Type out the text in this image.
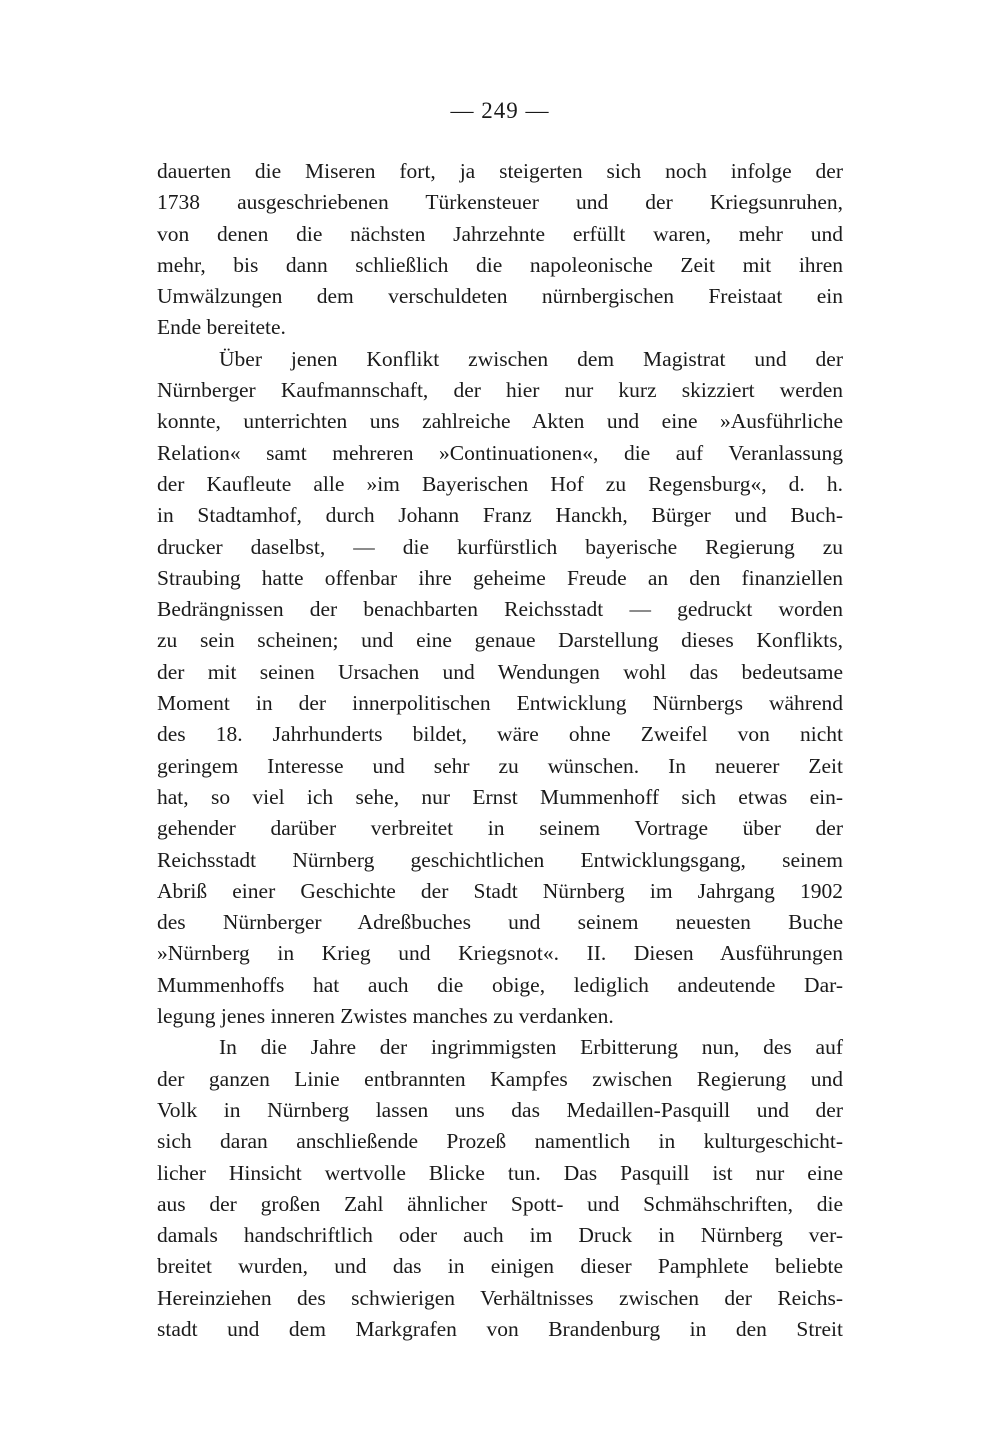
— 249 —
dauerten die Miseren fort, ja steigerten sich noch infolge der
1738 ausgeschriebenen Türkensteuer und der Kriegsunruhen,
von denen die nächsten Jahrzehnte erfüllt waren, mehr und
mehr, bis dann schließlich die napoleonische Zeit mit ihren
Umwälzungen dem verschuldeten nürnbergischen Freistaat ein
Ende bereitete.
Über jenen Konflikt zwischen dem Magistrat und der
Nürnberger Kaufmannschaft, der hier nur kurz skizziert werden
konnte, unterrichten uns zahlreiche Akten und eine »Ausführliche
Relation« samt mehreren »Continuationen«, die auf Veranlassung
der Kaufleute alle »im Bayerischen Hof zu Regensburg«, d. h.
in Stadtamhof, durch Johann Franz Hanckh, Bürger und Buch-
drucker daselbst, — die kurfürstlich bayerische Regierung zu
Straubing hatte offenbar ihre geheime Freude an den finanziellen
Bedrängnissen der benachbarten Reichsstadt — gedruckt worden
zu sein scheinen; und eine genaue Darstellung dieses Konflikts,
der mit seinen Ursachen und Wendungen wohl das bedeutsame
Moment in der innerpolitischen Entwicklung Nürnbergs während
des 18. Jahrhunderts bildet, wäre ohne Zweifel von nicht
geringem Interesse und sehr zu wünschen. In neuerer Zeit
hat, so viel ich sehe, nur Ernst Mummenhoff sich etwas ein-
gehender darüber verbreitet in seinem Vortrage über der
Reichsstadt Nürnberg geschichtlichen Entwicklungsgang, seinem
Abriß einer Geschichte der Stadt Nürnberg im Jahrgang 1902
des Nürnberger Adreßbuches und seinem neuesten Buche
»Nürnberg in Krieg und Kriegsnot«. II. Diesen Ausführungen
Mummenhoffs hat auch die obige, lediglich andeutende Dar-
legung jenes inneren Zwistes manches zu verdanken.
In die Jahre der ingrimmigsten Erbitterung nun, des auf
der ganzen Linie entbrannten Kampfes zwischen Regierung und
Volk in Nürnberg lassen uns das Medaillen-Pasquill und der
sich daran anschließende Prozeß namentlich in kulturgeschicht-
licher Hinsicht wertvolle Blicke tun. Das Pasquill ist nur eine
aus der großen Zahl ähnlicher Spott- und Schmähschriften, die
damals handschriftlich oder auch im Druck in Nürnberg ver-
breitet wurden, und das in einigen dieser Pamphlete beliebte
Hereinziehen des schwierigen Verhältnisses zwischen der Reichs-
stadt und dem Markgrafen von Brandenburg in den Streit
